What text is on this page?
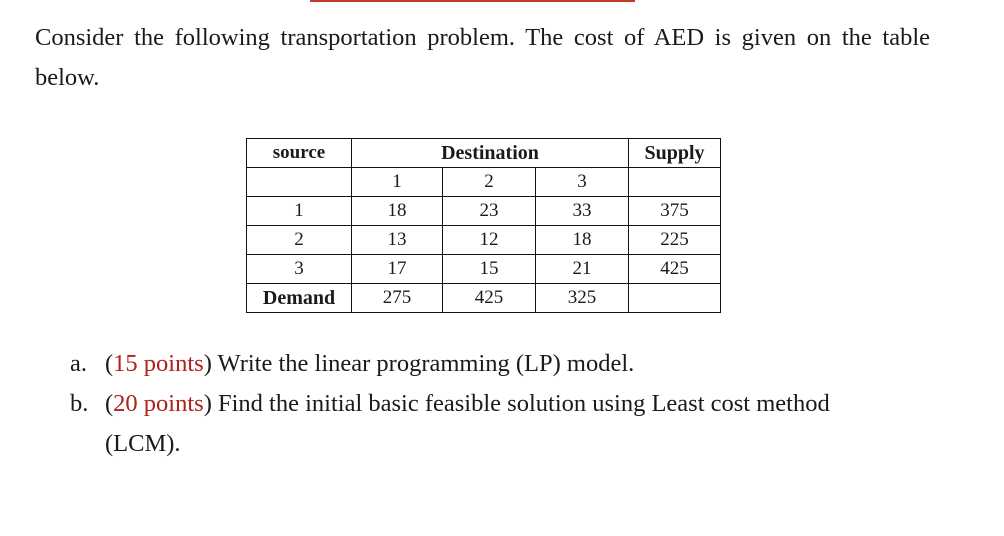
Consider the following transportation problem. The cost of AED is given on the table below.

source	Destination			Supply
	1	2	3	
1	18	23	33	375
2	13	12	18	225
3	17	15	21	425
Demand	275	425	325	
a. (15 points) Write the linear programming (LP) model.
b. (20 points) Find the initial basic feasible solution using Least cost method (LCM).
